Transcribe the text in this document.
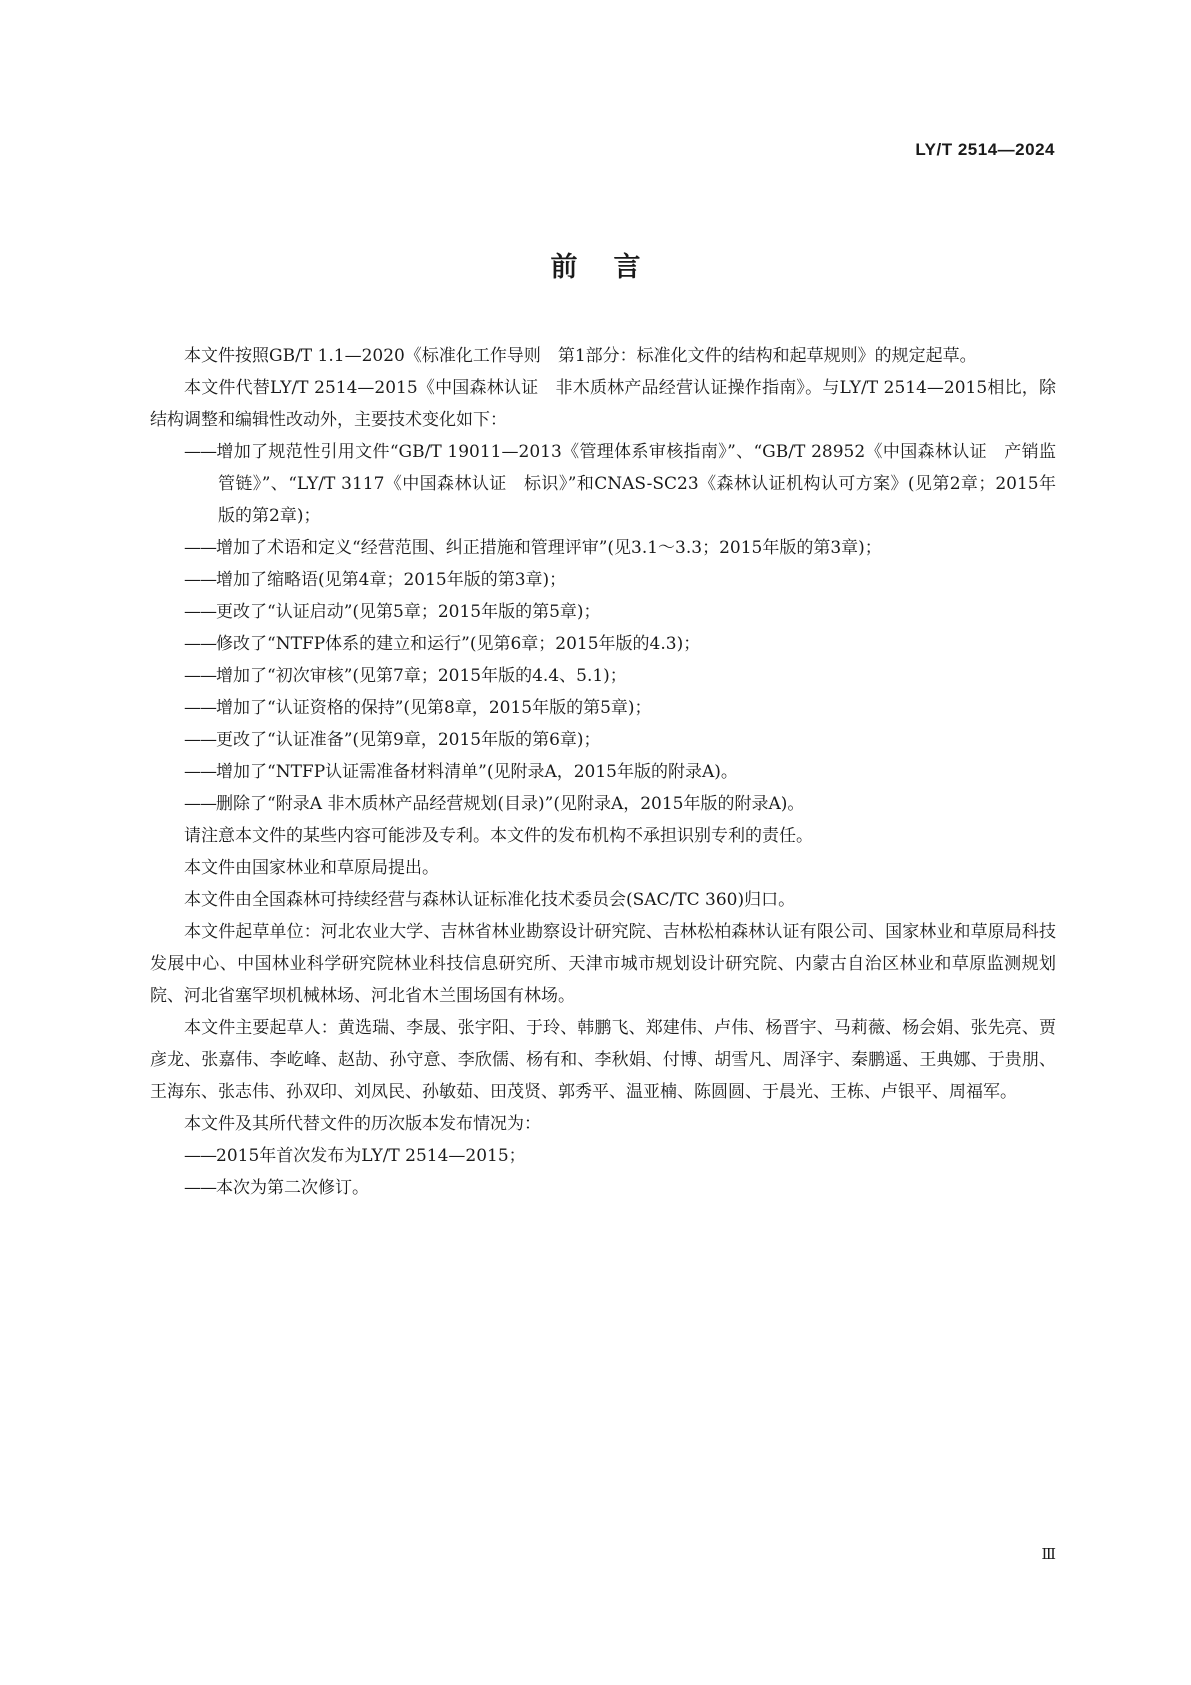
LY/T 2514—2024
前言

本文件按照GB/T 1.1—2020《标准化工作导则　第1部分：标准化文件的结构和起草规则》的规定起草。

本文件代替LY/T 2514—2015《中国森林认证　非木质林产品经营认证操作指南》。与LY/T 2514—2015相比，除结构调整和编辑性改动外，主要技术变化如下：

——增加了规范性引用文件“GB/T 19011—2013《管理体系审核指南》”、“GB/T 28952《中国森林认证　产销监管链》”、“LY/T 3117《中国森林认证　标识》”和CNAS-SC23《森林认证机构认可方案》(见第2章；2015年版的第2章)；

——增加了术语和定义“经营范围、纠正措施和管理评审”(见3.1～3.3；2015年版的第3章)；

——增加了缩略语(见第4章；2015年版的第3章)；

——更改了“认证启动”(见第5章；2015年版的第5章)；

——修改了“NTFP体系的建立和运行”(见第6章；2015年版的4.3)；

——增加了“初次审核”(见第7章；2015年版的4.4、5.1)；

——增加了“认证资格的保持”(见第8章，2015年版的第5章)；

——更改了“认证准备”(见第9章，2015年版的第6章)；

——增加了“NTFP认证需准备材料清单”(见附录A，2015年版的附录A)。

——删除了“附录A 非木质林产品经营规划(目录)”(见附录A，2015年版的附录A)。

请注意本文件的某些内容可能涉及专利。本文件的发布机构不承担识别专利的责任。

本文件由国家林业和草原局提出。

本文件由全国森林可持续经营与森林认证标准化技术委员会(SAC/TC 360)归口。

本文件起草单位：河北农业大学、吉林省林业勘察设计研究院、吉林松柏森林认证有限公司、国家林业和草原局科技发展中心、中国林业科学研究院林业科技信息研究所、天津市城市规划设计研究院、内蒙古自治区林业和草原监测规划院、河北省塞罕坝机械林场、河北省木兰围场国有林场。

本文件主要起草人：黄选瑞、李晟、张宇阳、于玲、韩鹏飞、郑建伟、卢伟、杨晋宇、马莉薇、杨会娟、张先亮、贾彦龙、张嘉伟、李屹峰、赵劼、孙守意、李欣儒、杨有和、李秋娟、付博、胡雪凡、周泽宇、秦鹏遥、王典娜、于贵朋、王海东、张志伟、孙双印、刘凤民、孙敏茹、田茂贤、郭秀平、温亚楠、陈圆圆、于晨光、王栋、卢银平、周福军。

本文件及其所代替文件的历次版本发布情况为：

——2015年首次发布为LY/T 2514—2015；

——本次为第二次修订。

Ⅲ
